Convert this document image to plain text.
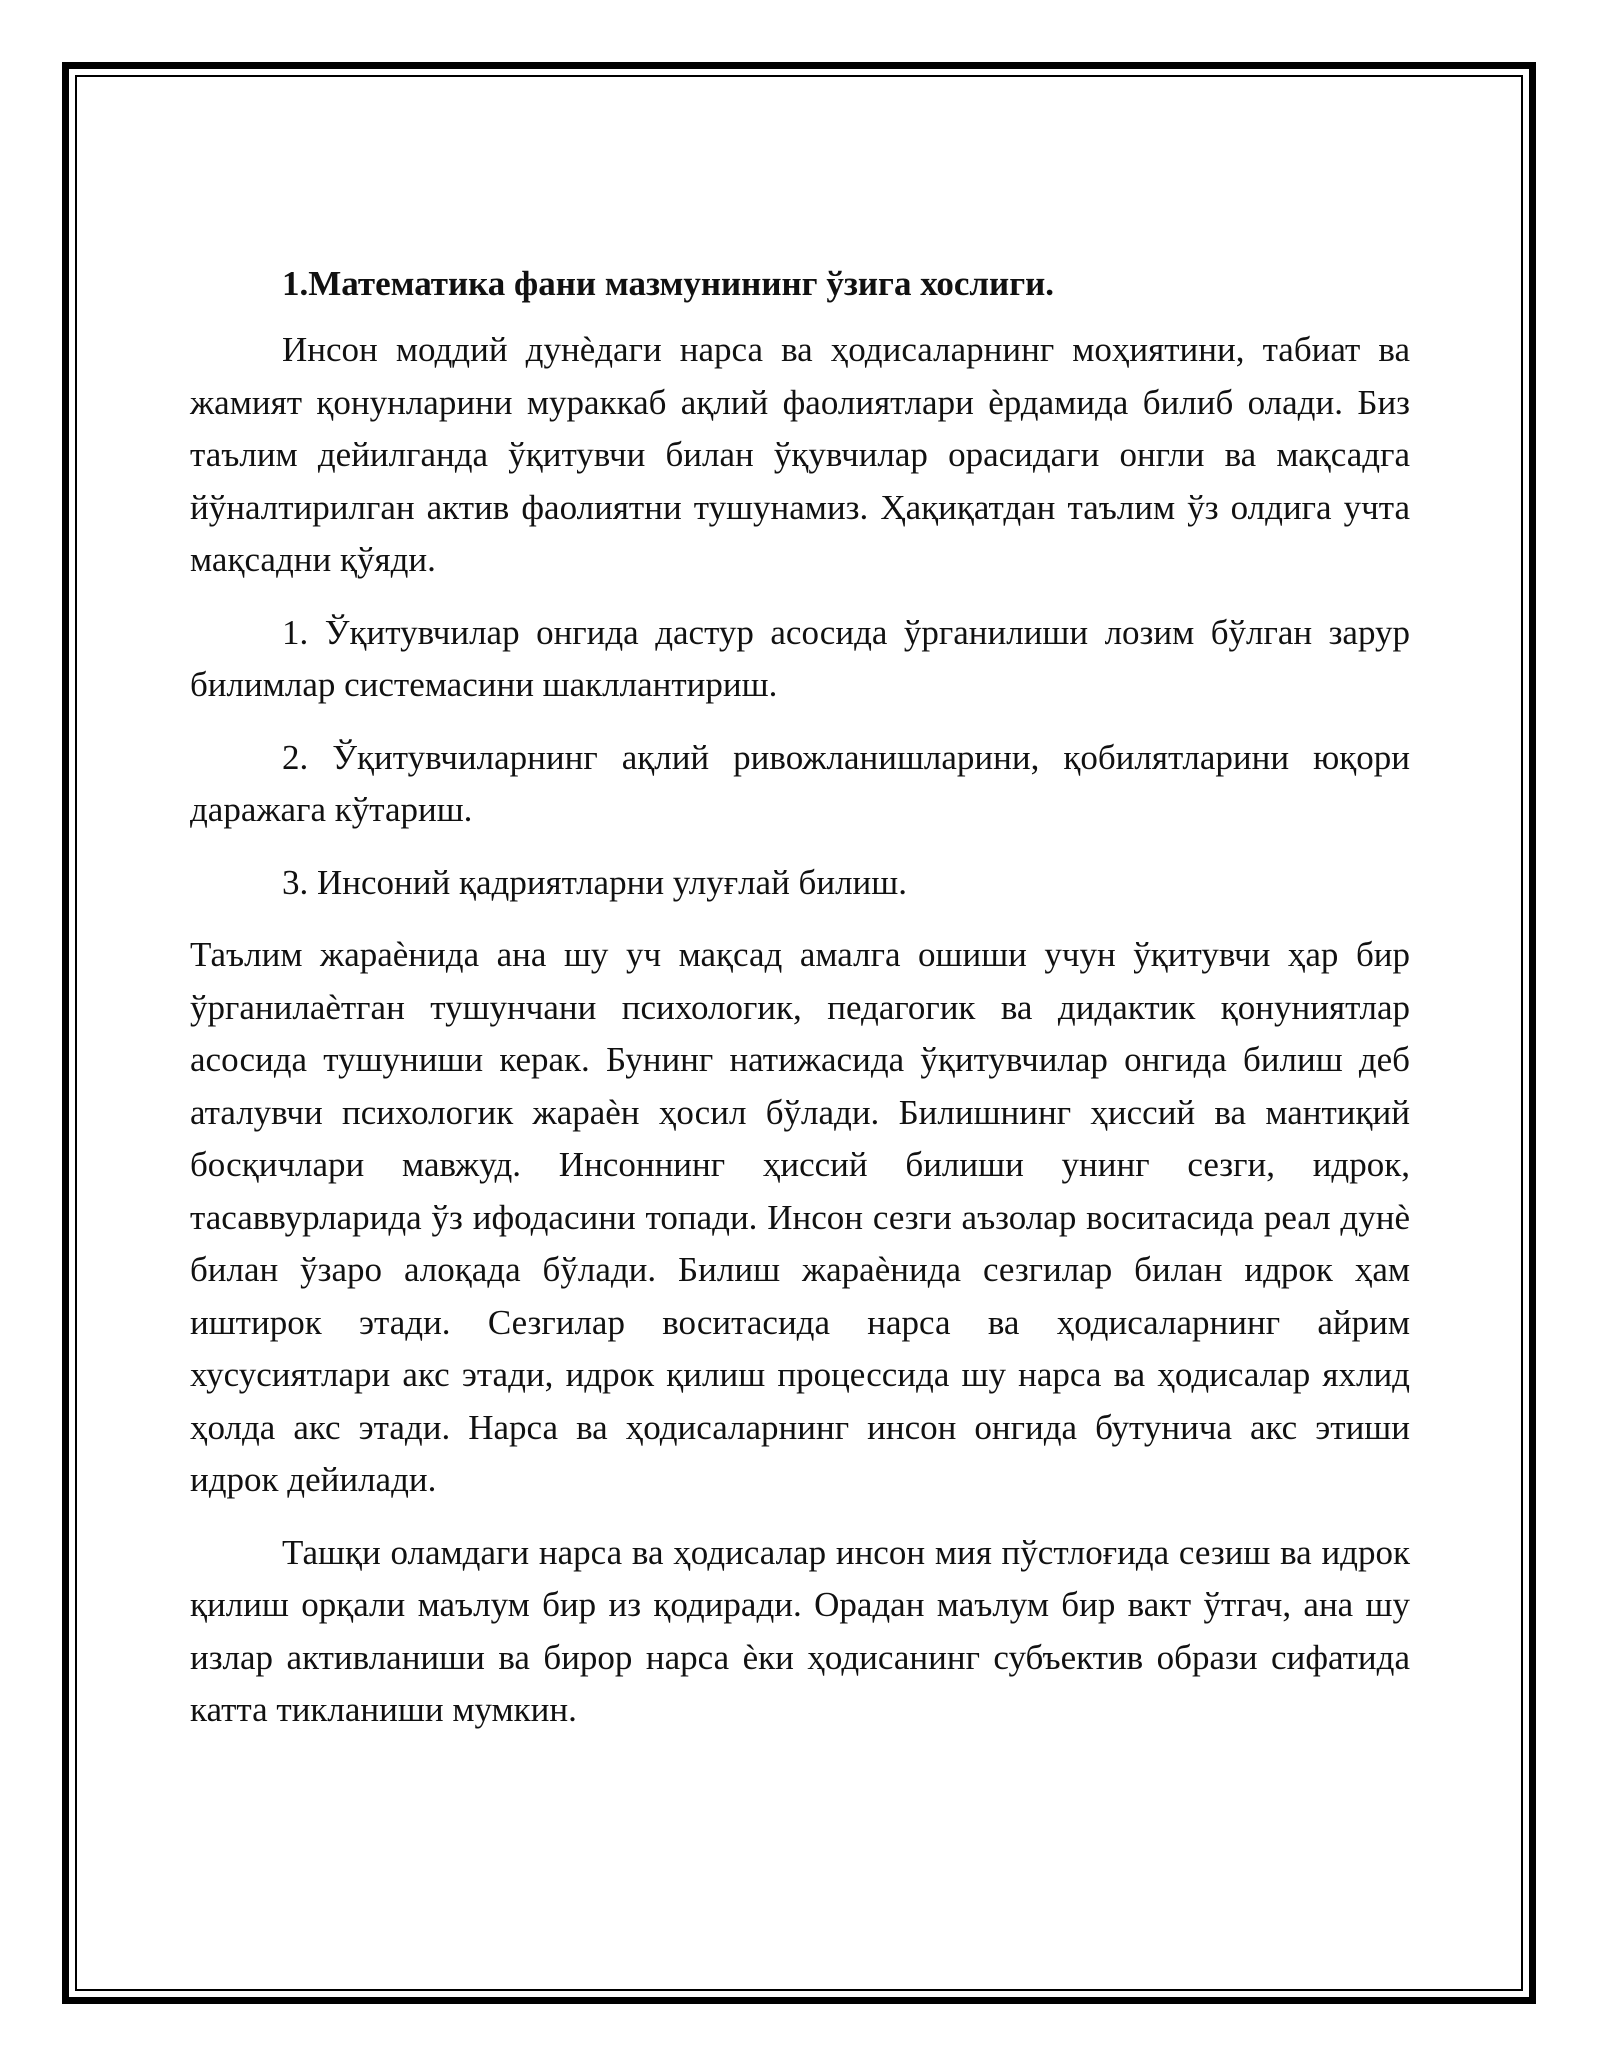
1.Математика фани мазмунининг ўзига хослиги.

Инсон моддий дунѐдаги нарса ва ҳодисаларнинг моҳиятини, табиат ва жамият қонунларини мураккаб ақлий фаолиятлари ѐрдамида билиб олади. Биз таълим дейилганда ўқитувчи билан ўқувчилар орасидаги онгли ва мақсадга йўналтирилган актив фаолиятни тушунамиз. Ҳақиқатдан таълим ўз олдига учта мақсадни қўяди.

1. Ўқитувчилар онгида дастур асосида ўрганилиши лозим бўлган зарур билимлар системасини шакллантириш.

2. Ўқитувчиларнинг ақлий ривожланишларини, қобилятларини юқори даражага кўтариш.

3. Инсоний қадриятларни улуғлай билиш.

Таълим жараѐнида ана шу уч мақсад амалга ошиши учун ўқитувчи ҳар бир ўрганилаѐтган тушунчани психологик, педагогик ва дидактик қонуниятлар асосида тушуниши керак. Бунинг натижасида ўқитувчилар онгида билиш деб аталувчи психологик жараѐн ҳосил бўлади. Билишнинг ҳиссий ва мантиқий босқичлари мавжуд. Инсоннинг ҳиссий билиши унинг сезги, идрок, тасаввурларида ўз ифодасини топади. Инсон сезги аъзолар воситасида реал дунѐ билан ўзаро алоқада бўлади. Билиш жараѐнида сезгилар билан идрок ҳам иштирок этади. Сезгилар воситасида нарса ва ҳодисаларнинг айрим хусусиятлари акс этади, идрок қилиш процессида шу нарса ва ҳодисалар яхлид ҳолда акс этади. Нарса ва ҳодисаларнинг инсон онгида бутунича акс этиши идрок дейилади.

Ташқи оламдаги нарса ва ҳодисалар инсон мия пўстлоғида сезиш ва идрок қилиш орқали маълум бир из қодиради. Орадан маълум бир вакт ўтгач, ана шу излар активланиши ва бирор нарса ѐки ҳодисанинг субъектив образи сифатида катта тикланиши мумкин.
